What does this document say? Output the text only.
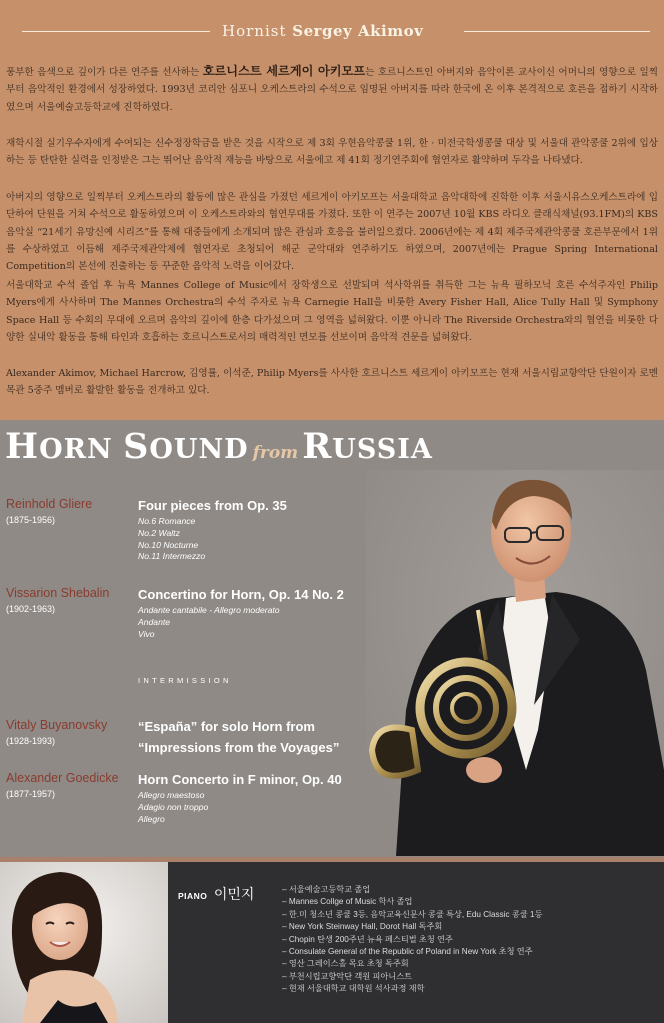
Hornist Sergey Akimov

풍부한 음색으로 깊이가 다른 연주를 선사하는 호르니스트 세르게이 아키모프는 호르니스트인 아버지와 음악이론 교사이신 어머니의 영향으로 일찍부터 음악적인 환경에서 성장하였다. 1993년 코리안 심포니 오케스트라의 수석으로 임명된 아버지를 따라 한국에 온 이후 본격적으로 호른을 접하기 시작하였으며 서울예술고등학교에 진학하였다.

재학시절 실기우수자에게 수여되는 신수정장학금을 받은 것을 시작으로 제 3회 우현음악콩쿨 1위, 한 · 미전국학생콩쿨 대상 및 서울대 관악콩쿨 2위에 입상하는 등 탄탄한 실력을 인정받은 그는 뛰어난 음악적 재능을 바탕으로 서울에고 제 41회 정기연주회에 협연자로 활약하며 두각을 나타냈다.

아버지의 영향으로 일찍부터 오케스트라의 활동에 많은 관심을 가졌던 세르게이 아키모프는 서울대학교 음악대학에 진학한 이후 서울시유스오케스트라에 입단하여 단원을 거쳐 수석으로 활동하였으며 이 오케스트라와의 협연무대를 가졌다. 또한 이 연주는 2007년 10월 KBS 라디오 클래식채널(93.1FM)의 KBS 음악실 “21세기 유망신예 시리즈”를 통해 대중들에게 소개되며 많은 관심과 호응을 불러일으켰다. 2006년에는 제 4회 제주국제관악콩쿨 호른부문에서 1위를 수상하였고 이듬해 제주국제관악제에 협연자로 초청되어 해군 군악대와 연주하기도 하였으며, 2007년에는 Prague Spring International Competition의 본선에 진출하는 등 꾸준한 음악적 노력을 이어갔다.

서울대학교 수석 졸업 후 뉴욕 Mannes College of Music에서 장학생으로 선발되며 석사학위를 취득한 그는 뉴욕 필하모닉 호른 수석주자인 Philip Myers에게 사사하며 The Mannes Orchestra의 수석 주자로 뉴욕 Carnegie Hall을 비롯한 Avery Fisher Hall, Alice Tully Hall 및 Symphony Space Hall 등 수회의 무대에 오르며 음악의 깊이에 한층 다가섰으며 그 영역을 넓혀왔다. 이뿐 아니라 The Riverside Orchestra와의 협연을 비롯한 다양한 실내악 활동을 통해 타인과 호흡하는 호르니스트로서의 매력적인 면모를 선보이며 음악적 견문을 넓혀왔다.

Alexander Akimov, Michael Harcrow, 김영률, 이석준, Philip Myers를 사사한 호르니스트 세르게이 아키모프는 현재 서울시립교향악단 단원이자 로멘 목관 5중주 멤버로 활발한 활동을 전개하고 있다.

HORN SOUND from RUSSIA
Reinhold Gliere
(1875-1956)
Four pieces from Op. 35
No.6 Romance
No.2 Waltz
No.10 Nocturne
No.11 Intermezzo
Vissarion Shebalin
(1902-1963)
Concertino for Horn, Op. 14 No. 2
Andante cantabile - Allegro moderato
Andante
Vivo
INTERMISSION
Vitaly Buyanovsky
(1928-1993)
“España” for solo Horn from
“Impressions from the Voyages”
Alexander Goedicke
(1877-1957)
Horn Concerto in F minor, Op. 40
Allegro maestoso
Adagio non troppo
Allegro
PIANO 이민지
–	서울예술고등학교 졸업
– Mannes Collge of Music 학사 졸업
– 한.미 청소년 콩쿨 3등, 음악교육신문사 콩쿨 특상, Edu Classic 콩쿨 1등
– New York Steinway Hall, Dorot Hall 독주회
– Chopin 탄생 200주년 뉴욕 페스티벌 초청 연주
– Consulate General of the Republic of Poland in New York 초청 연주
– 영산 그레이스홀 목요 초청 독주회
– 부천시립교향악단 객원 피아니스트
– 현재 서울대학교 대학원 석사과정 재학
